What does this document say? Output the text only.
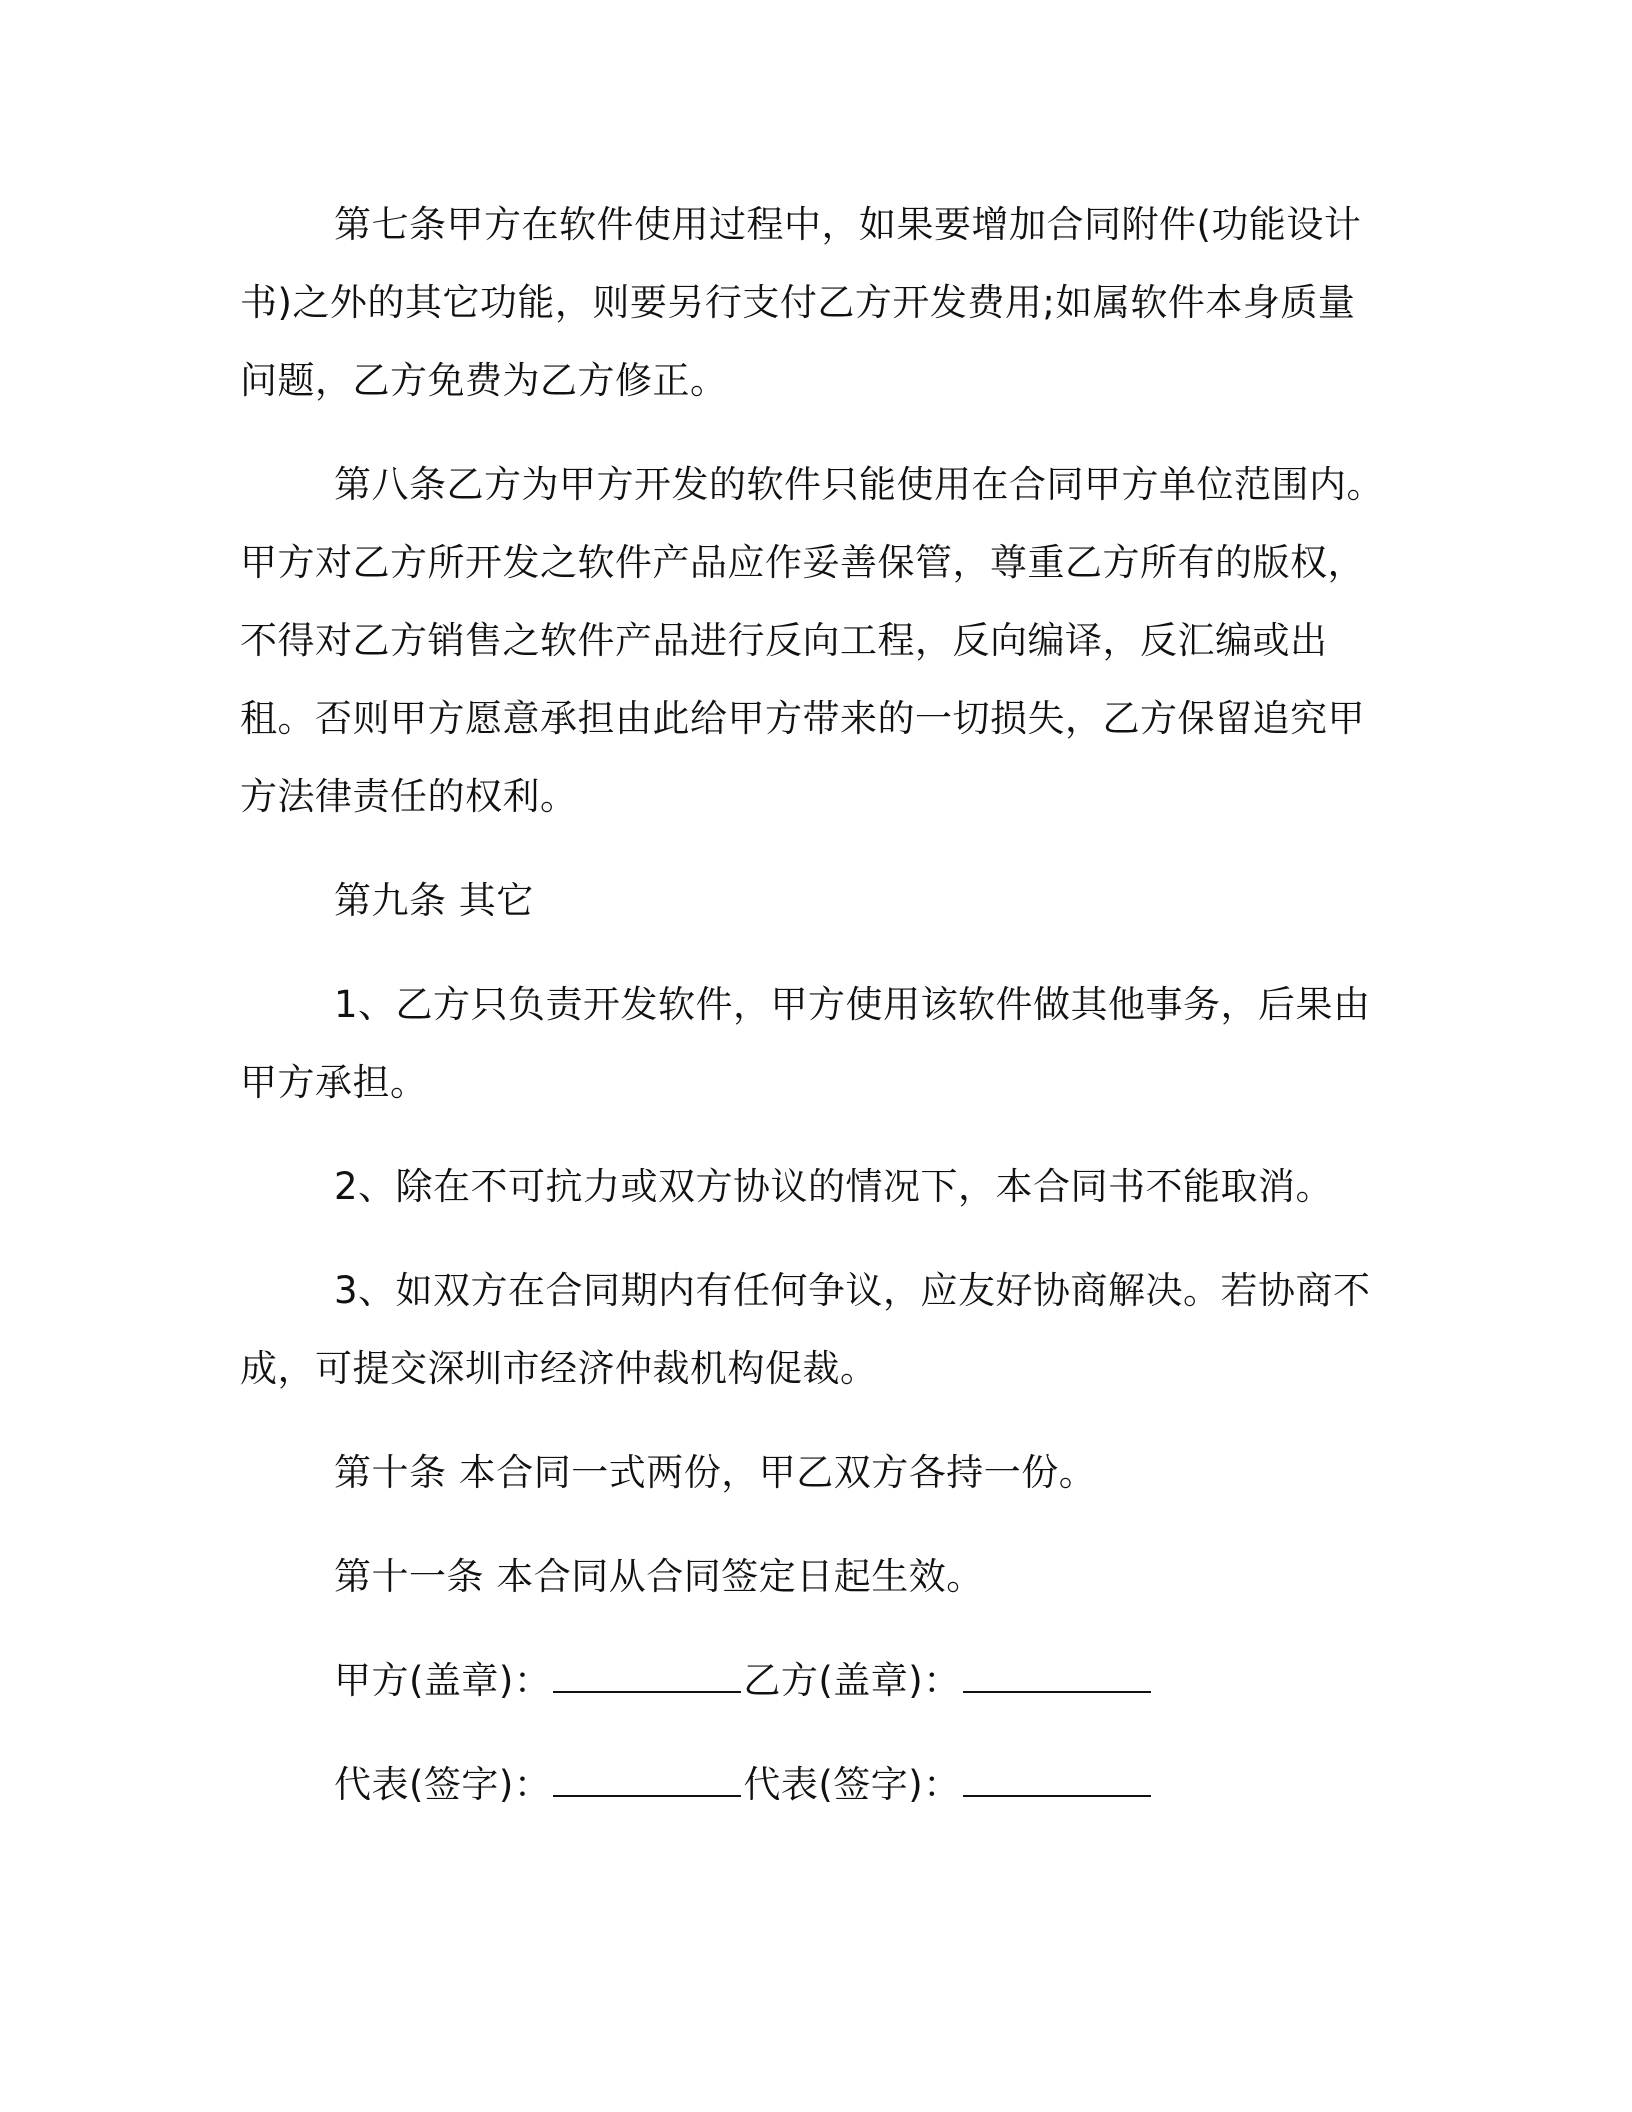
第七条甲方在软件使用过程中，如果要增加合同附件(功能设计书)之外的其它功能，则要另行支付乙方开发费用;如属软件本身质量问题，乙方免费为乙方修正。

第八条乙方为甲方开发的软件只能使用在合同甲方单位范围内。甲方对乙方所开发之软件产品应作妥善保管，尊重乙方所有的版权，不得对乙方销售之软件产品进行反向工程，反向编译，反汇编或出租。否则甲方愿意承担由此给甲方带来的一切损失，乙方保留追究甲方法律责任的权利。

第九条 其它

1、乙方只负责开发软件，甲方使用该软件做其他事务，后果由甲方承担。

2、除在不可抗力或双方协议的情况下，本合同书不能取消。

3、如双方在合同期内有任何争议，应友好协商解决。若协商不成，可提交深圳市经济仲裁机构促裁。

第十条 本合同一式两份，甲乙双方各持一份。

第十一条 本合同从合同签定日起生效。

甲方(盖章)：	乙方(盖章)：

代表(签字)：	代表(签字)：
